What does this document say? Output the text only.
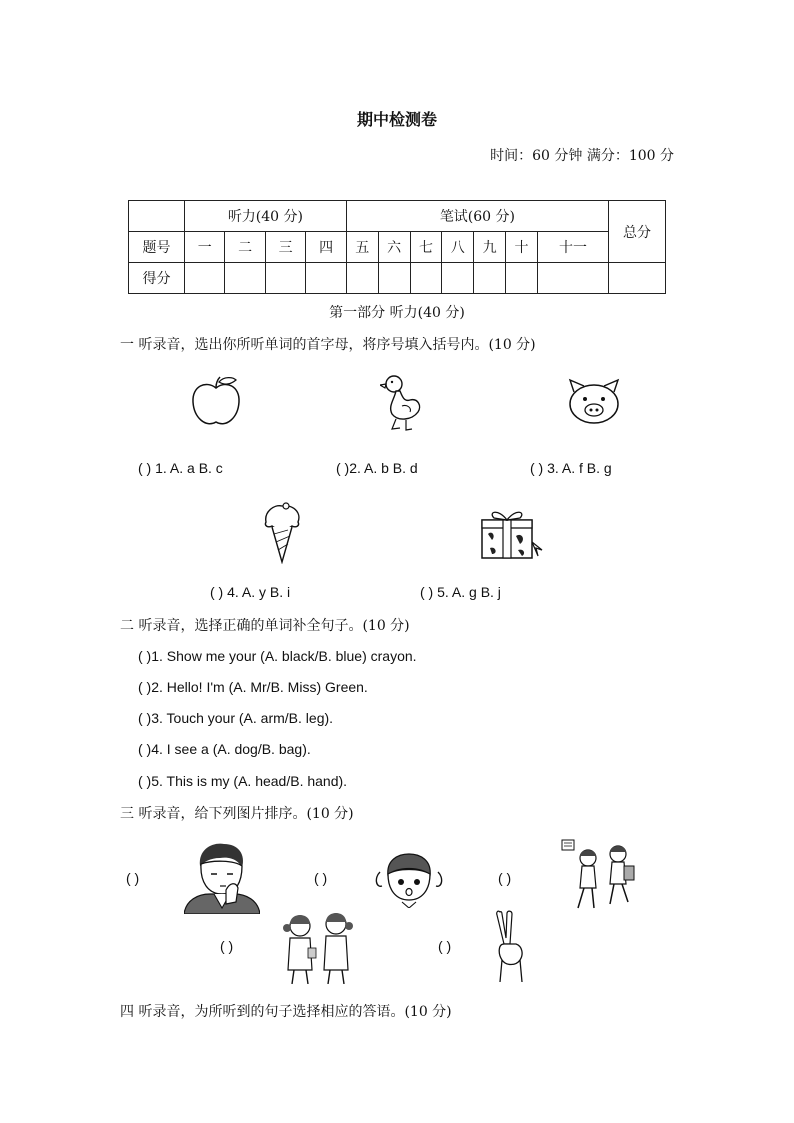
期中检测卷
时间：60 分钟 满分：100 分
	听力(40 分)				笔试(60 分)							总分
题号	一	二	三	四	五	六	七	八	九	十	十一	
得分												
第一部分 听力(40 分)
一 听录音，选出你所听单词的首字母，将序号填入括号内。(10 分)
( ) 1. A. a B. c	( )2. A. b B. d	( ) 3. A. f B. g
( ) 4. A. y B. i	( ) 5. A. g B. j
二 听录音，选择正确的单词补全句子。(10 分)
( )1. Show me your (A. black/B. blue) crayon.
( )2. Hello! I'm (A. Mr/B. Miss) Green.
( )3. Touch your (A. arm/B. leg).
( )4. I see a (A. dog/B. bag).
( )5. This is my (A. head/B. hand).
三 听录音，给下列图片排序。(10 分)
( )	( )	( )
( )	( )
四 听录音，为所听到的句子选择相应的答语。(10 分)
